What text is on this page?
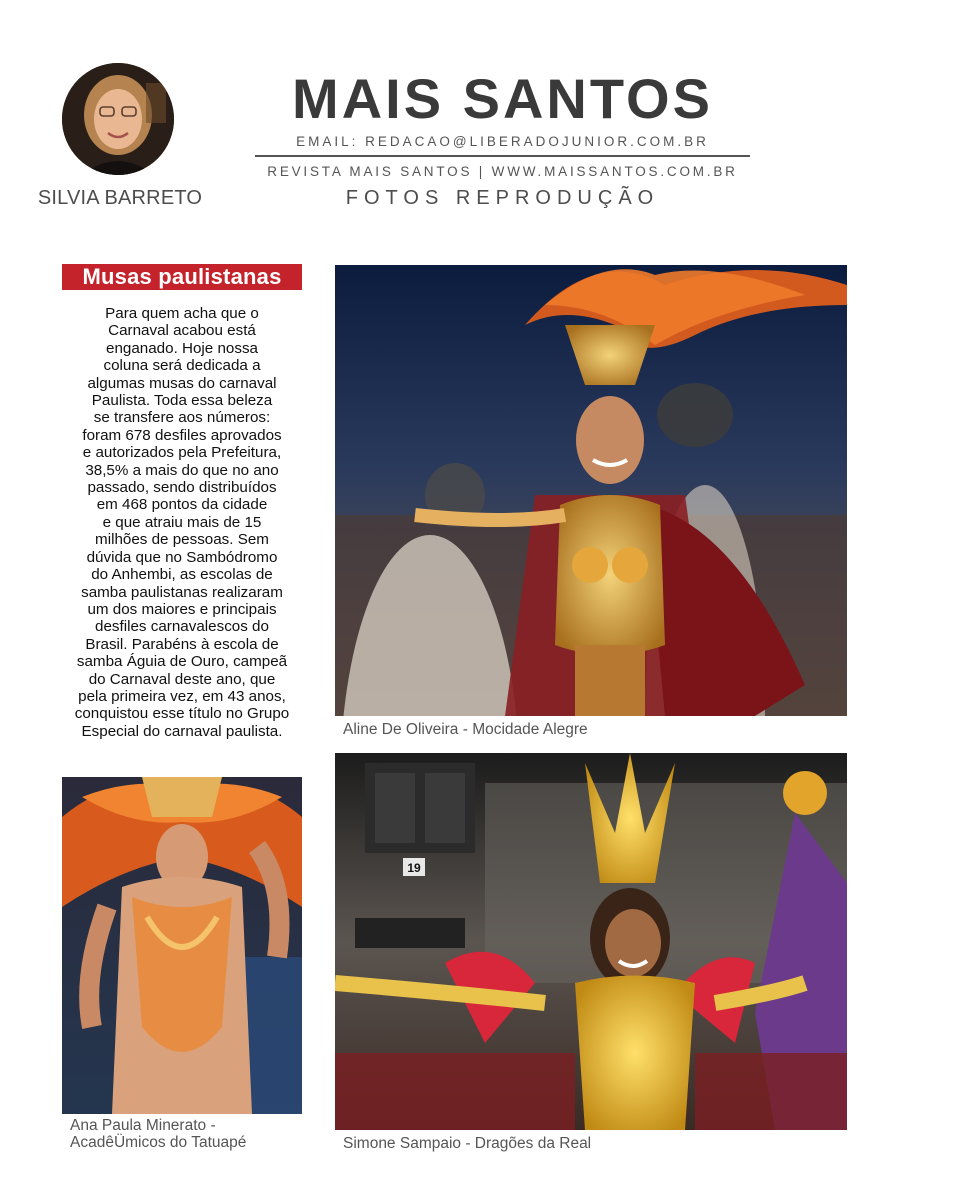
SILVIA BARRETO
MAIS SANTOS
EMAIL: REDACAO@LIBERADOJUNIOR.COM.BR
REVISTA MAIS SANTOS | WWW.MAISSANTOS.COM.BR
FOTOS REPRODUÇÃO
Musas paulistanas
Para quem acha que o
Carnaval acabou está
enganado. Hoje nossa
coluna será dedicada a
algumas musas do carnaval
Paulista. Toda essa beleza
se transfere aos números:
foram 678 desfiles aprovados
e autorizados pela Prefeitura,
38,5% a mais do que no ano
passado, sendo distribuídos
em 468 pontos da cidade
e que atraiu mais de 15
milhões de pessoas. Sem
dúvida que no Sambódromo
do Anhembi, as escolas de
samba paulistanas realizaram
um dos maiores e principais
desfiles carnavalescos do
Brasil. Parabéns à escola de
samba Águia de Ouro, campeã
do Carnaval deste ano, que
pela primeira vez, em 43 anos,
conquistou esse título no Grupo
Especial do carnaval paulista.	Aline De Oliveira - Mocidade Alegre
Ana Paula Minerato -
AcadêÜmicos do Tatuapé
19
Simone Sampaio - Dragões da Real
